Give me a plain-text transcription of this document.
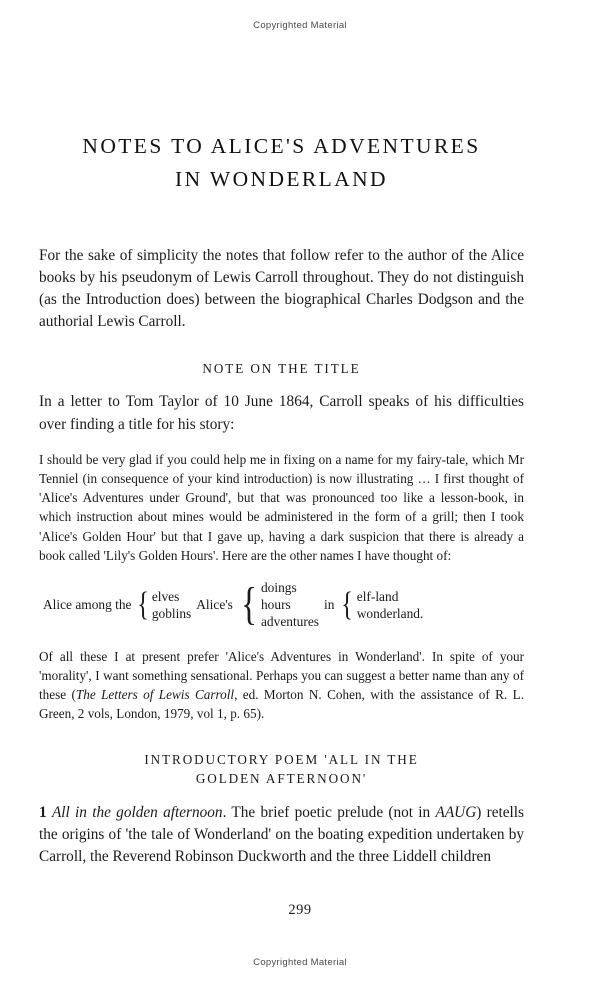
Copyrighted Material
NOTES TO ALICE'S ADVENTURES
IN WONDERLAND

For the sake of simplicity the notes that follow refer to the author of the Alice books by his pseudonym of Lewis Carroll throughout. They do not distinguish (as the Introduction does) between the biographical Charles Dodgson and the authorial Lewis Carroll.

NOTE ON THE TITLE

In a letter to Tom Taylor of 10 June 1864, Carroll speaks of his difficulties over finding a title for his story:

I should be very glad if you could help me in fixing on a name for my fairy-tale, which Mr Tenniel (in consequence of your kind introduction) is now illustrating … I first thought of 'Alice's Adventures under Ground', but that was pronounced too like a lesson-book, in which instruction about mines would be administered in the form of a grill; then I took 'Alice's Golden Hour' but that I gave up, having a dark suspicion that there is already a book called 'Lily's Golden Hours'. Here are the other names I have thought of:

Alice among the { elves
goblins
Alice's { doings
hours
adventures
in { elf-land
wonderland.

Of all these I at present prefer 'Alice's Adventures in Wonderland'. In spite of your 'morality', I want something sensational. Perhaps you can suggest a better name than any of these (The Letters of Lewis Carroll, ed. Morton N. Cohen, with the assistance of R. L. Green, 2 vols, London, 1979, vol 1, p. 65).

INTRODUCTORY POEM 'ALL IN THE
GOLDEN AFTERNOON'

1 All in the golden afternoon. The brief poetic prelude (not in AAUG) retells the origins of 'the tale of Wonderland' on the boating expedition undertaken by Carroll, the Reverend Robinson Duckworth and the three Liddell children

299
Copyrighted Material
